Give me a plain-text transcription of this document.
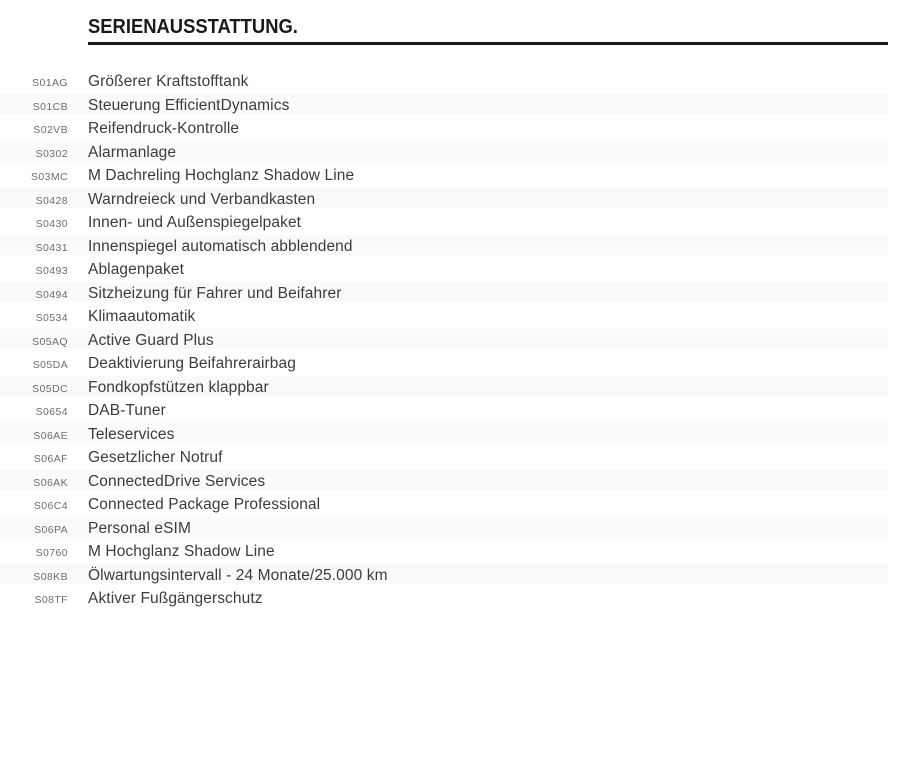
SERIENAUSSTATTUNG.
S01AG Größerer Kraftstofftank
S01CB Steuerung EfficientDynamics
S02VB Reifendruck-Kontrolle
S0302 Alarmanlage
S03MC M Dachreling Hochglanz Shadow Line
S0428 Warndreieck und Verbandkasten
S0430 Innen- und Außenspiegelpaket
S0431 Innenspiegel automatisch abblendend
S0493 Ablagenpaket
S0494 Sitzheizung für Fahrer und Beifahrer
S0534 Klimaautomatik
S05AQ Active Guard Plus
S05DA Deaktivierung Beifahrerairbag
S05DC Fondkopfstützen klappbar
S0654 DAB-Tuner
S06AE Teleservices
S06AF Gesetzlicher Notruf
S06AK ConnectedDrive Services
S06C4 Connected Package Professional
S06PA Personal eSIM
S0760 M Hochglanz Shadow Line
S08KB Ölwartungsintervall - 24 Monate/25.000 km
S08TF Aktiver Fußgängerschutz
